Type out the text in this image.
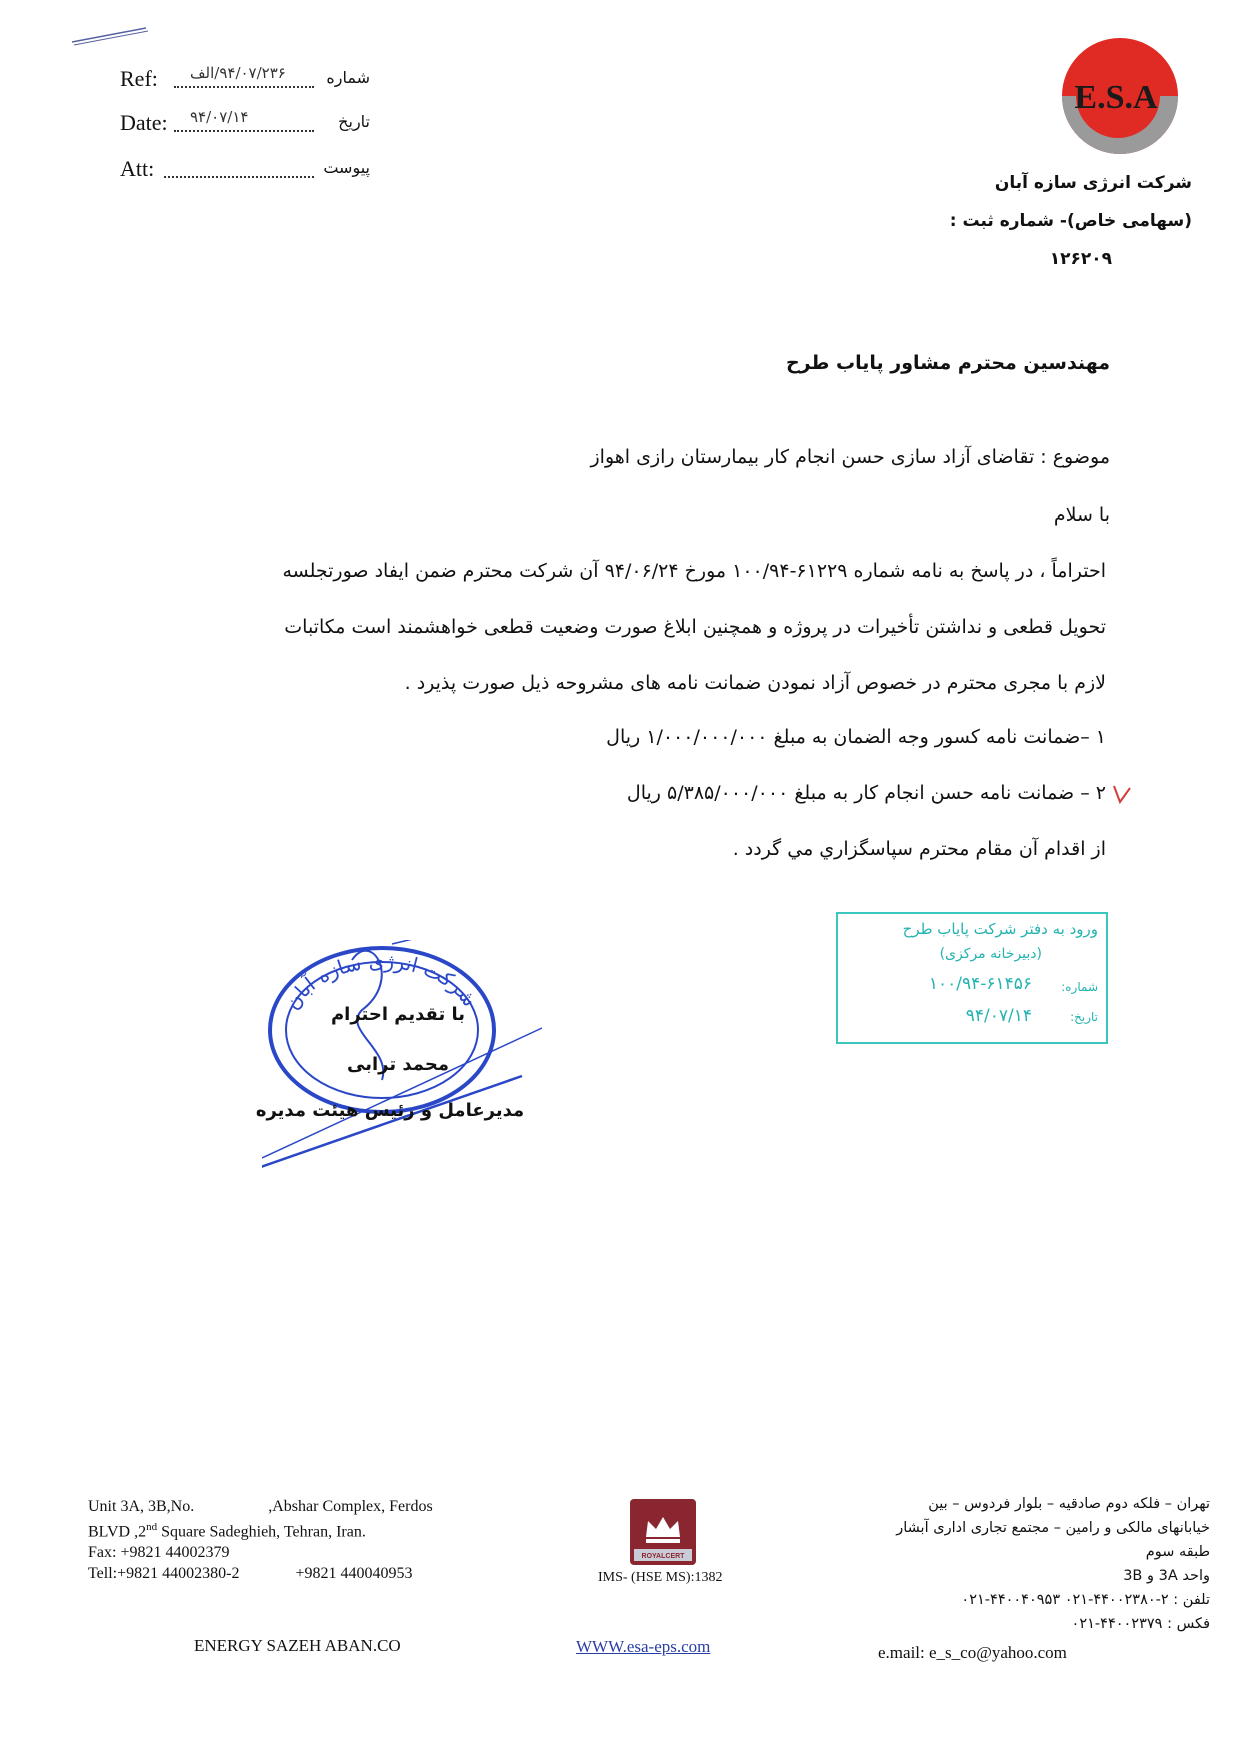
Ref: ۹۴/۰۷/۲۳۶/الف	شماره
Date: ۹۴/۰۷/۱۴	تاریخ
Att:	پیوست
E.S.A
شرکت انرژی سازه آبان
(سهامی خاص)- شماره ثبت :
۱۲۶۲۰۹
مهندسین محترم مشاور پایاب طرح
موضوع : تقاضای آزاد سازی حسن انجام کار بیمارستان رازی اهواز
با سلام
احتراماً ، در پاسخ به نامه شماره ۶۱۲۲۹-۱۰۰/۹۴ مورخ ۹۴/۰۶/۲۴ آن شرکت محترم ضمن ایفاد صورتجلسه
تحویل قطعی و نداشتن تأخیرات در پروژه و همچنین ابلاغ صورت وضعیت قطعی خواهشمند است مکاتبات
لازم با مجری محترم در خصوص آزاد نمودن ضمانت نامه های مشروحه ذیل صورت پذیرد .
۱ –ضمانت نامه کسور وجه الضمان به مبلغ ۱/۰۰۰/۰۰۰/۰۰۰ ریال
۲ – ضمانت نامه حسن انجام کار به مبلغ ۵/۳۸۵/۰۰۰/۰۰۰ ریال
از اقدام آن مقام محترم سپاسگزاري مي گردد .
ورود به دفتر شرکت پایاب طرح
(دبیرخانه مرکزی)
شماره:
۱۰۰/۹۴-۶۱۴۵۶
تاریخ:
۹۴/۰۷/۱۴
شرکت انرژی سازه آبان
با تقدیم احترام
محمد ترابی
مدیرعامل و رئیس هیئت مدیره
Unit 3A, 3B,No.	,Abshar Complex, Ferdos
BLVD ,2nd Square Sadeghieh, Tehran, Iran.
Fax: +9821 44002379
Tell:+9821 44002380-2	+9821 440040953
ENERGY SAZEH ABAN.CO
ROYALCERT
IMS- (HSE MS):1382
WWW.esa-eps.com
تهران – فلکه دوم صادقیه – بلوار فردوس – بین
خیابانهای مالکی و رامین – مجتمع تجاری اداری آبشار
طبقه سوم
واحد 3A و 3B
تلفن : ۲-۴۴۰۰۲۳۸۰-۰۲۱ ۴۴۰۰۴۰۹۵۳-۰۲۱
فکس : ۴۴۰۰۲۳۷۹-۰۲۱
e.mail: e_s_co@yahoo.com
